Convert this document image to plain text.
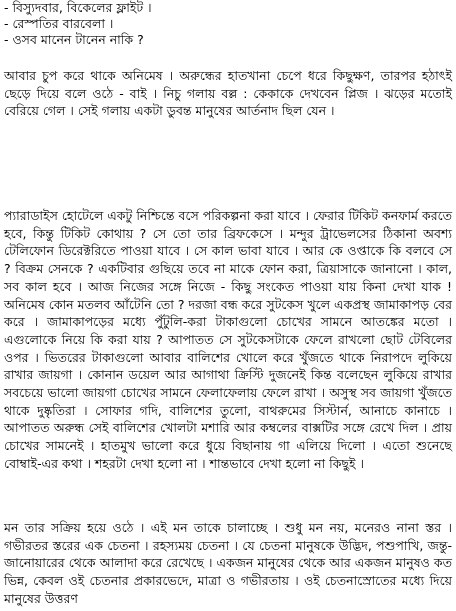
- বিস্যুদবার, বিকেলের ফ্লাইট ।
- রেস্পতির বারবেলা ।
- ওসব মানেন টানেন নাকি ?
আবার চুপ করে থাকে অনিমেষ । অরুন্ধের হাতখানা চেপে ধরে কিছুক্ষণ, তারপর হঠাৎই ছেড়ে দিয়ে বলে ওঠে - বাই । নিচু গলায় বল্ল : কেকাকে দেখবেন প্লিজ । ঝড়ের মতোই বেরিয়ে গেল । সেই গলায় একটা ডুবন্ত মানুষের আর্তনাদ ছিল যেন ।
প্যারাডাইস হোটেলে একটু নিশ্চিন্তে বসে পরিকল্পনা করা যাবে । ফেরার টিকিট কনফার্ম করতে হবে, কিন্তু টিকিট কোথায় ? সে তো তার ব্রিফকেসে । মন্দুর ট্রাভেলসের ঠিকানা অবশ্য টেলিফোন ডিরেক্টরিতে পাওয়া যাবে । সে কাল ভাবা যাবে । আর কে ওপ্তাকে কি বলবে সে ? বিক্রম সেনকে ? একটিবার গুছিয়ে তবে না মাকে ফোন করা, ত্রিয়াসাকে জানানো । কাল, সব কাল হবে । আজ নিজের সঙ্গে নিজে - কিছু সংকেত পাওয়া যায় কিনা দেখা যাক ! অনিমেষ কোন মতলব আঁটেনি তো ? দরজা বন্ধ করে সুটকেস খুলে একপ্রস্থ জামাকাপড় বের করে । জামাকাপড়ের মধ্যে পুঁটুলি-করা টাকাগুলো চোখের সামনে আতঙ্কের মতো । এগুলোকে নিয়ে কি করা যায় ? আপাতত সে সুটকেসটাকে ফেলে রাখলো ছোট টেবিলের ওপর । ভিতরের টাকাগুলো আবার বালিশের খোলে করে খুঁজতে থাকে নিরাপদে লুকিয়ে রাখার জায়গা । কোনান ডয়েল আর আগাথা ক্রিস্টি দুজনেই কিন্ত বলেছেন লুকিয়ে রাখার সবচেয়ে ভালো জায়গা চোখের সামনে ফেলাফেলায় ফেলে রাখা । অসুস্থ সব জায়গা খুঁজতে থাকে দুষ্কৃতিরা । সোফার গদি, বালিশের তুলো, বাথরুমের সিস্টার্ন, আনাচে কানাচে । আপাতত অরুন্ধ সেই বালিশের খোলটা মশারি আর কম্বলের বাক্সটির সঙ্গে রেখে দিল । প্রায় চোখের সামনেই । হাতমুখ ভালো করে ধুয়ে বিছানায় গা এলিয়ে দিলো । এতো শুনেছে বোম্বাই-এর কথা । শহরটা দেখা হলো না । শান্তভাবে দেখা হলো না কিছুই ।
মন তার সক্রিয় হয়ে ওঠে । এই মন তাকে চালাচ্ছে । শুধু মন নয়, মনেরও নানা স্তর । গভীরতর স্তরের এক চেতনা । রহস্যময় চেতনা । যে চেতনা মানুষকে উদ্ভিদ, পশুপাখি, জন্তু-জানোয়ারের থেকে আলাদা করে রেখেছে । একজন মানুষের থেকে আর একজন মানুষও কত ভিন্ন, কেবল ওই চেতনার প্রকারভেদে, মাত্রা ও গভীরতায় । ওই চেতনাস্রোতের মধ্যে দিয়ে মানুষের উত্তরণ
